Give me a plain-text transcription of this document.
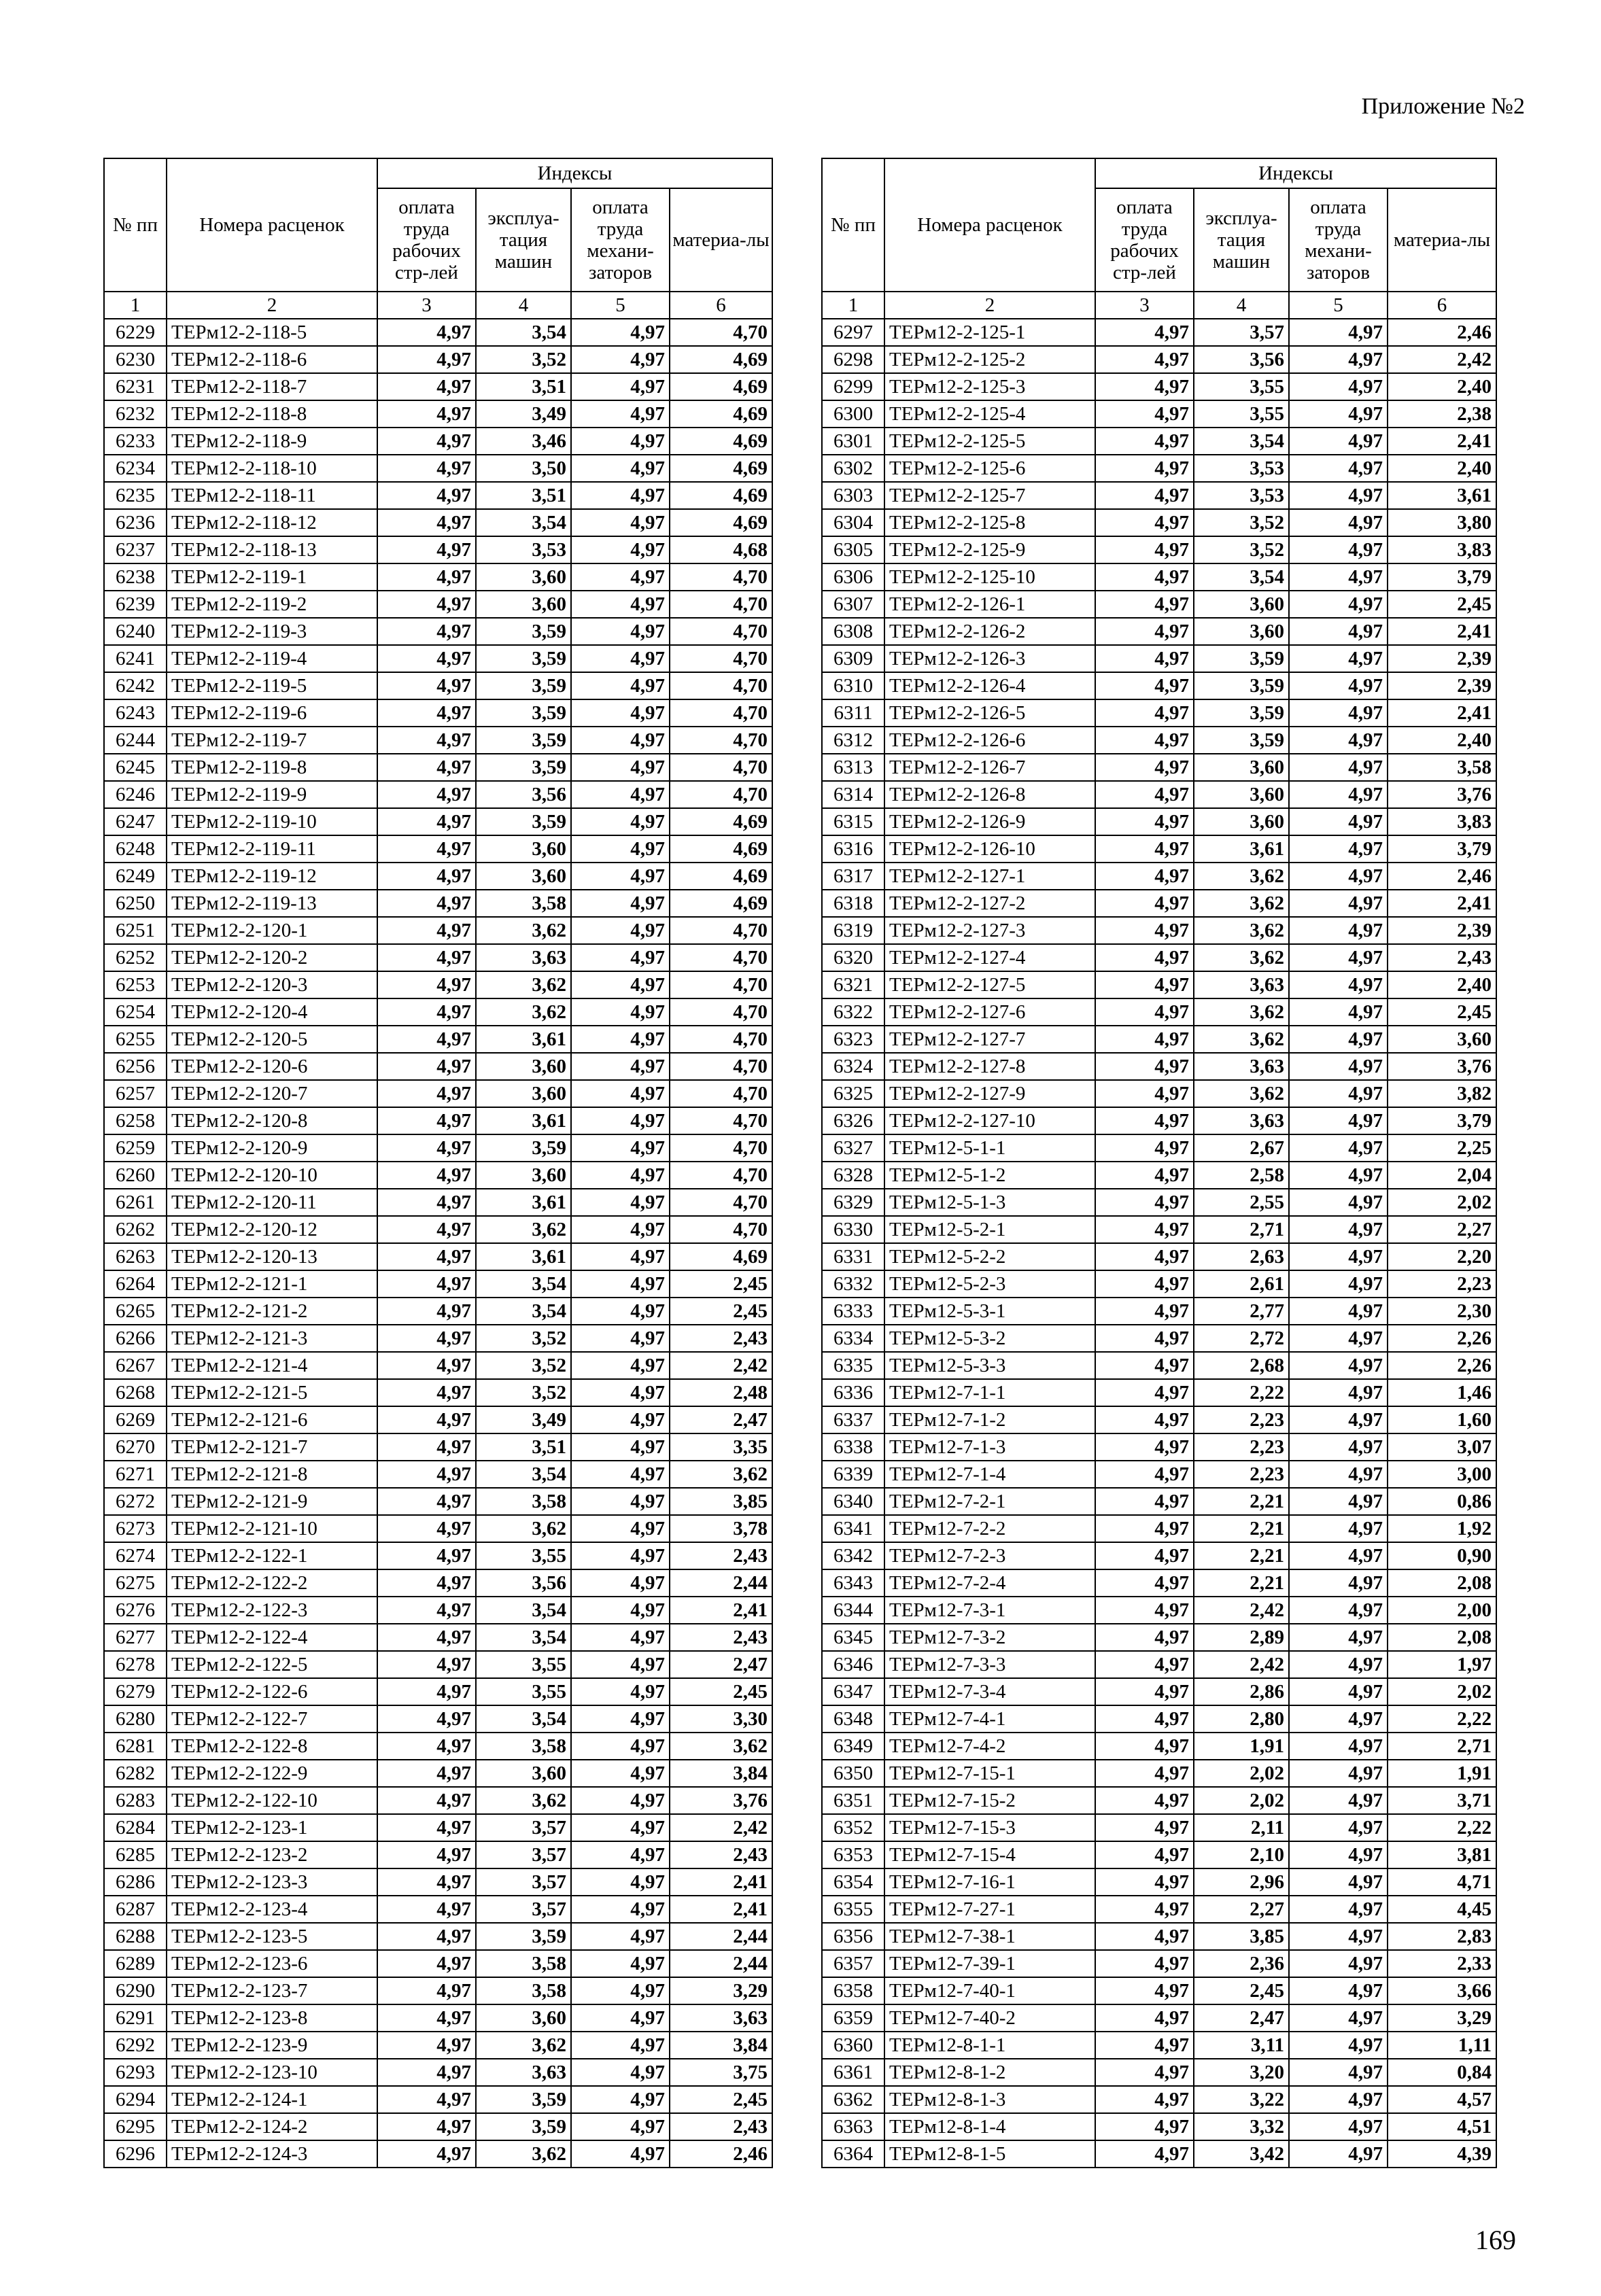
Приложение №2
№ пп	Номера расценок	Индексы			
		оплата труда рабочих стр-лей	эксплуа-тация машин	оплата труда механи-заторов	материа-лы
1	2	3	4	5	6
6229	ТЕРм12-2-118-5	4,97	3,54	4,97	4,70
6230	ТЕРм12-2-118-6	4,97	3,52	4,97	4,69
6231	ТЕРм12-2-118-7	4,97	3,51	4,97	4,69
6232	ТЕРм12-2-118-8	4,97	3,49	4,97	4,69
6233	ТЕРм12-2-118-9	4,97	3,46	4,97	4,69
6234	ТЕРм12-2-118-10	4,97	3,50	4,97	4,69
6235	ТЕРм12-2-118-11	4,97	3,51	4,97	4,69
6236	ТЕРм12-2-118-12	4,97	3,54	4,97	4,69
6237	ТЕРм12-2-118-13	4,97	3,53	4,97	4,68
6238	ТЕРм12-2-119-1	4,97	3,60	4,97	4,70
6239	ТЕРм12-2-119-2	4,97	3,60	4,97	4,70
6240	ТЕРм12-2-119-3	4,97	3,59	4,97	4,70
6241	ТЕРм12-2-119-4	4,97	3,59	4,97	4,70
6242	ТЕРм12-2-119-5	4,97	3,59	4,97	4,70
6243	ТЕРм12-2-119-6	4,97	3,59	4,97	4,70
6244	ТЕРм12-2-119-7	4,97	3,59	4,97	4,70
6245	ТЕРм12-2-119-8	4,97	3,59	4,97	4,70
6246	ТЕРм12-2-119-9	4,97	3,56	4,97	4,70
6247	ТЕРм12-2-119-10	4,97	3,59	4,97	4,69
6248	ТЕРм12-2-119-11	4,97	3,60	4,97	4,69
6249	ТЕРм12-2-119-12	4,97	3,60	4,97	4,69
6250	ТЕРм12-2-119-13	4,97	3,58	4,97	4,69
6251	ТЕРм12-2-120-1	4,97	3,62	4,97	4,70
6252	ТЕРм12-2-120-2	4,97	3,63	4,97	4,70
6253	ТЕРм12-2-120-3	4,97	3,62	4,97	4,70
6254	ТЕРм12-2-120-4	4,97	3,62	4,97	4,70
6255	ТЕРм12-2-120-5	4,97	3,61	4,97	4,70
6256	ТЕРм12-2-120-6	4,97	3,60	4,97	4,70
6257	ТЕРм12-2-120-7	4,97	3,60	4,97	4,70
6258	ТЕРм12-2-120-8	4,97	3,61	4,97	4,70
6259	ТЕРм12-2-120-9	4,97	3,59	4,97	4,70
6260	ТЕРм12-2-120-10	4,97	3,60	4,97	4,70
6261	ТЕРм12-2-120-11	4,97	3,61	4,97	4,70
6262	ТЕРм12-2-120-12	4,97	3,62	4,97	4,70
6263	ТЕРм12-2-120-13	4,97	3,61	4,97	4,69
6264	ТЕРм12-2-121-1	4,97	3,54	4,97	2,45
6265	ТЕРм12-2-121-2	4,97	3,54	4,97	2,45
6266	ТЕРм12-2-121-3	4,97	3,52	4,97	2,43
6267	ТЕРм12-2-121-4	4,97	3,52	4,97	2,42
6268	ТЕРм12-2-121-5	4,97	3,52	4,97	2,48
6269	ТЕРм12-2-121-6	4,97	3,49	4,97	2,47
6270	ТЕРм12-2-121-7	4,97	3,51	4,97	3,35
6271	ТЕРм12-2-121-8	4,97	3,54	4,97	3,62
6272	ТЕРм12-2-121-9	4,97	3,58	4,97	3,85
6273	ТЕРм12-2-121-10	4,97	3,62	4,97	3,78
6274	ТЕРм12-2-122-1	4,97	3,55	4,97	2,43
6275	ТЕРм12-2-122-2	4,97	3,56	4,97	2,44
6276	ТЕРм12-2-122-3	4,97	3,54	4,97	2,41
6277	ТЕРм12-2-122-4	4,97	3,54	4,97	2,43
6278	ТЕРм12-2-122-5	4,97	3,55	4,97	2,47
6279	ТЕРм12-2-122-6	4,97	3,55	4,97	2,45
6280	ТЕРм12-2-122-7	4,97	3,54	4,97	3,30
6281	ТЕРм12-2-122-8	4,97	3,58	4,97	3,62
6282	ТЕРм12-2-122-9	4,97	3,60	4,97	3,84
6283	ТЕРм12-2-122-10	4,97	3,62	4,97	3,76
6284	ТЕРм12-2-123-1	4,97	3,57	4,97	2,42
6285	ТЕРм12-2-123-2	4,97	3,57	4,97	2,43
6286	ТЕРм12-2-123-3	4,97	3,57	4,97	2,41
6287	ТЕРм12-2-123-4	4,97	3,57	4,97	2,41
6288	ТЕРм12-2-123-5	4,97	3,59	4,97	2,44
6289	ТЕРм12-2-123-6	4,97	3,58	4,97	2,44
6290	ТЕРм12-2-123-7	4,97	3,58	4,97	3,29
6291	ТЕРм12-2-123-8	4,97	3,60	4,97	3,63
6292	ТЕРм12-2-123-9	4,97	3,62	4,97	3,84
6293	ТЕРм12-2-123-10	4,97	3,63	4,97	3,75
6294	ТЕРм12-2-124-1	4,97	3,59	4,97	2,45
6295	ТЕРм12-2-124-2	4,97	3,59	4,97	2,43
6296	ТЕРм12-2-124-3	4,97	3,62	4,97	2,46
№ пп	Номера расценок	Индексы			
		оплата труда рабочих стр-лей	эксплуа-тация машин	оплата труда механи-заторов	материа-лы
1	2	3	4	5	6
6297	ТЕРм12-2-125-1	4,97	3,57	4,97	2,46
6298	ТЕРм12-2-125-2	4,97	3,56	4,97	2,42
6299	ТЕРм12-2-125-3	4,97	3,55	4,97	2,40
6300	ТЕРм12-2-125-4	4,97	3,55	4,97	2,38
6301	ТЕРм12-2-125-5	4,97	3,54	4,97	2,41
6302	ТЕРм12-2-125-6	4,97	3,53	4,97	2,40
6303	ТЕРм12-2-125-7	4,97	3,53	4,97	3,61
6304	ТЕРм12-2-125-8	4,97	3,52	4,97	3,80
6305	ТЕРм12-2-125-9	4,97	3,52	4,97	3,83
6306	ТЕРм12-2-125-10	4,97	3,54	4,97	3,79
6307	ТЕРм12-2-126-1	4,97	3,60	4,97	2,45
6308	ТЕРм12-2-126-2	4,97	3,60	4,97	2,41
6309	ТЕРм12-2-126-3	4,97	3,59	4,97	2,39
6310	ТЕРм12-2-126-4	4,97	3,59	4,97	2,39
6311	ТЕРм12-2-126-5	4,97	3,59	4,97	2,41
6312	ТЕРм12-2-126-6	4,97	3,59	4,97	2,40
6313	ТЕРм12-2-126-7	4,97	3,60	4,97	3,58
6314	ТЕРм12-2-126-8	4,97	3,60	4,97	3,76
6315	ТЕРм12-2-126-9	4,97	3,60	4,97	3,83
6316	ТЕРм12-2-126-10	4,97	3,61	4,97	3,79
6317	ТЕРм12-2-127-1	4,97	3,62	4,97	2,46
6318	ТЕРм12-2-127-2	4,97	3,62	4,97	2,41
6319	ТЕРм12-2-127-3	4,97	3,62	4,97	2,39
6320	ТЕРм12-2-127-4	4,97	3,62	4,97	2,43
6321	ТЕРм12-2-127-5	4,97	3,63	4,97	2,40
6322	ТЕРм12-2-127-6	4,97	3,62	4,97	2,45
6323	ТЕРм12-2-127-7	4,97	3,62	4,97	3,60
6324	ТЕРм12-2-127-8	4,97	3,63	4,97	3,76
6325	ТЕРм12-2-127-9	4,97	3,62	4,97	3,82
6326	ТЕРм12-2-127-10	4,97	3,63	4,97	3,79
6327	ТЕРм12-5-1-1	4,97	2,67	4,97	2,25
6328	ТЕРм12-5-1-2	4,97	2,58	4,97	2,04
6329	ТЕРм12-5-1-3	4,97	2,55	4,97	2,02
6330	ТЕРм12-5-2-1	4,97	2,71	4,97	2,27
6331	ТЕРм12-5-2-2	4,97	2,63	4,97	2,20
6332	ТЕРм12-5-2-3	4,97	2,61	4,97	2,23
6333	ТЕРм12-5-3-1	4,97	2,77	4,97	2,30
6334	ТЕРм12-5-3-2	4,97	2,72	4,97	2,26
6335	ТЕРм12-5-3-3	4,97	2,68	4,97	2,26
6336	ТЕРм12-7-1-1	4,97	2,22	4,97	1,46
6337	ТЕРм12-7-1-2	4,97	2,23	4,97	1,60
6338	ТЕРм12-7-1-3	4,97	2,23	4,97	3,07
6339	ТЕРм12-7-1-4	4,97	2,23	4,97	3,00
6340	ТЕРм12-7-2-1	4,97	2,21	4,97	0,86
6341	ТЕРм12-7-2-2	4,97	2,21	4,97	1,92
6342	ТЕРм12-7-2-3	4,97	2,21	4,97	0,90
6343	ТЕРм12-7-2-4	4,97	2,21	4,97	2,08
6344	ТЕРм12-7-3-1	4,97	2,42	4,97	2,00
6345	ТЕРм12-7-3-2	4,97	2,89	4,97	2,08
6346	ТЕРм12-7-3-3	4,97	2,42	4,97	1,97
6347	ТЕРм12-7-3-4	4,97	2,86	4,97	2,02
6348	ТЕРм12-7-4-1	4,97	2,80	4,97	2,22
6349	ТЕРм12-7-4-2	4,97	1,91	4,97	2,71
6350	ТЕРм12-7-15-1	4,97	2,02	4,97	1,91
6351	ТЕРм12-7-15-2	4,97	2,02	4,97	3,71
6352	ТЕРм12-7-15-3	4,97	2,11	4,97	2,22
6353	ТЕРм12-7-15-4	4,97	2,10	4,97	3,81
6354	ТЕРм12-7-16-1	4,97	2,96	4,97	4,71
6355	ТЕРм12-7-27-1	4,97	2,27	4,97	4,45
6356	ТЕРм12-7-38-1	4,97	3,85	4,97	2,83
6357	ТЕРм12-7-39-1	4,97	2,36	4,97	2,33
6358	ТЕРм12-7-40-1	4,97	2,45	4,97	3,66
6359	ТЕРм12-7-40-2	4,97	2,47	4,97	3,29
6360	ТЕРм12-8-1-1	4,97	3,11	4,97	1,11
6361	ТЕРм12-8-1-2	4,97	3,20	4,97	0,84
6362	ТЕРм12-8-1-3	4,97	3,22	4,97	4,57
6363	ТЕРм12-8-1-4	4,97	3,32	4,97	4,51
6364	ТЕРм12-8-1-5	4,97	3,42	4,97	4,39
169
